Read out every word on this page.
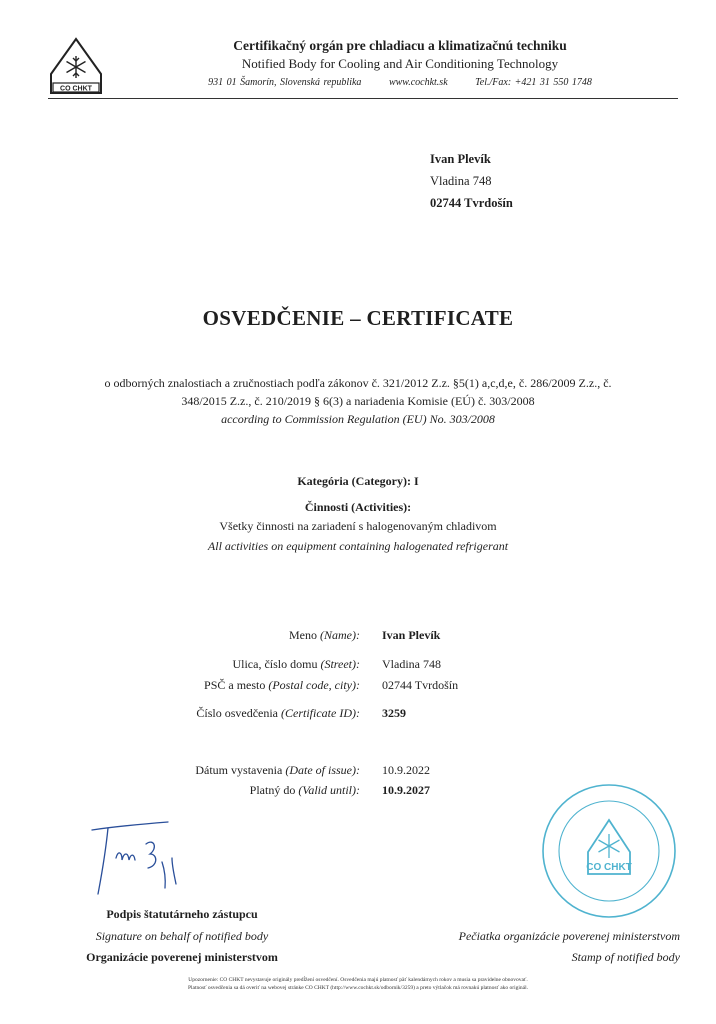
CO CHKT
Certifikačný orgán pre chladiacu a klimatizačnú techniku
Notified Body for Cooling and Air Conditioning Technology
931 01 Šamorín, Slovenská republika	www.cochkt.sk	Tel./Fax: +421 31 550 1748
Ivan Plevík
Vladina 748
02744 Tvrdošín
OSVEDČENIE – CERTIFICATE
o odborných znalostiach a zručnostiach podľa zákonov č. 321/2012 Z.z. §5(1) a,c,d,e, č. 286/2009 Z.z., č.
348/2015 Z.z., č. 210/2019 § 6(3) a nariadenia Komisie (EÚ) č. 303/2008
according to Commission Regulation (EU) No. 303/2008
Kategória (Category): I
Činnosti (Activities):
Všetky činnosti na zariadení s halogenovaným chladivom
All activities on equipment containing halogenated refrigerant
Meno (Name): Ivan Plevík
Ulica, číslo domu (Street): Vladina 748
PSČ a mesto (Postal code, city): 02744 Tvrdošín
Číslo osvedčenia (Certificate ID): 3259
Dátum vystavenia (Date of issue): 10.9.2022
Platný do (Valid until): 10.9.2027
Podpis štatutárneho zástupcu
Signature on behalf of notified body
Organizácie poverenej ministerstvom
CO CHKT
Pečiatka organizácie poverenej ministerstvom
Stamp of notified body
Upozornenie: CO CHKT nevystavuje originály predĺžení osvedčení. Osvedčenia majú platnosť päť kalendárnych rokov a musia sa pravidelne obnovovať.
Platnosť osvedčenia sa dá overiť na webovej stránke CO CHKT (http://www.cochkt.sk/odbornik/3259) a preto výtlačok má rovnakú platnosť ako originál.
